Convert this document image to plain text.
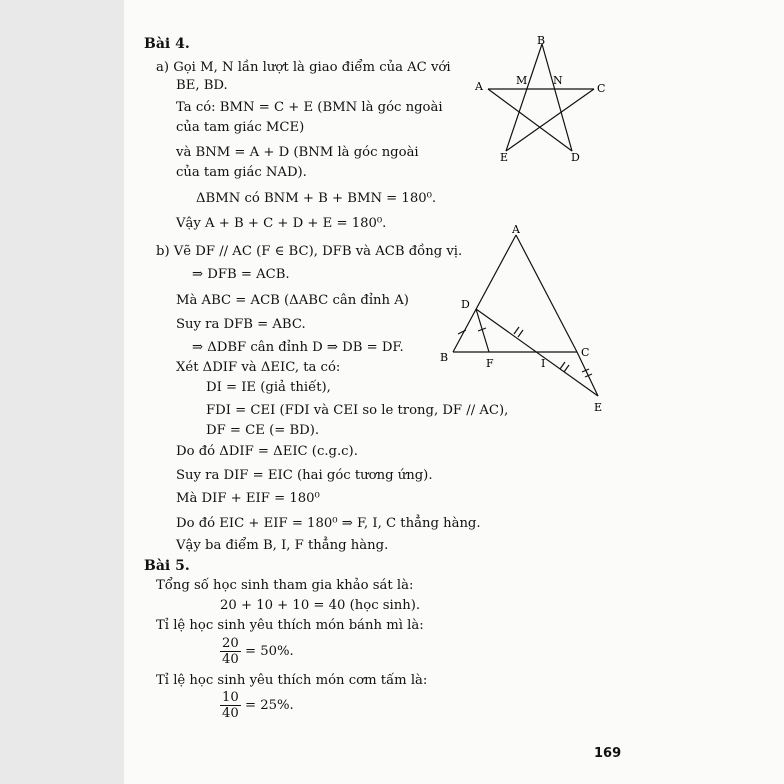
Bài 4.
a) Gọi M, N lần lượt là giao điểm của AC với
BE, BD.
Ta có: BMN = C + E (BMN là góc ngoài
của tam giác MCE)
và BNM = A + D (BNM là góc ngoài
của tam giác NAD).
ΔBMN có BNM + B + BMN = 180⁰.
Vậy A + B + C + D + E = 180⁰.
b) Vẽ DF // AC (F ∈ BC), DFB và ACB đồng vị.
⇒ DFB = ACB.
Mà ABC = ACB (ΔABC cân đỉnh A)
Suy ra DFB = ABC.
⇒ ΔDBF cân đỉnh D ⇒ DB = DF.
Xét ΔDIF và ΔEIC, ta có:
DI = IE (giả thiết),
FDI = CEI (FDI và CEI so le trong, DF // AC),
DF = CE (= BD).
Do đó ΔDIF = ΔEIC (c.g.c).
Suy ra DIF = EIC (hai góc tương ứng).
Mà DIF + EIF = 180⁰
Do đó EIC + EIF = 180⁰ ⇒ F, I, C thẳng hàng.
Vậy ba điểm B, I, F thẳng hàng.
Bài 5.
Tổng số học sinh tham gia khảo sát là:
20 + 10 + 10 = 40 (học sinh).
Tỉ lệ học sinh yêu thích món bánh mì là:
$\frac{20}{40} = 50\%$.
Tỉ lệ học sinh yêu thích món cơm tấm là:
$\frac{10}{40} = 25\%$.
169
B
A	C
E	D
M N
A
B	C
D
E
F	I
